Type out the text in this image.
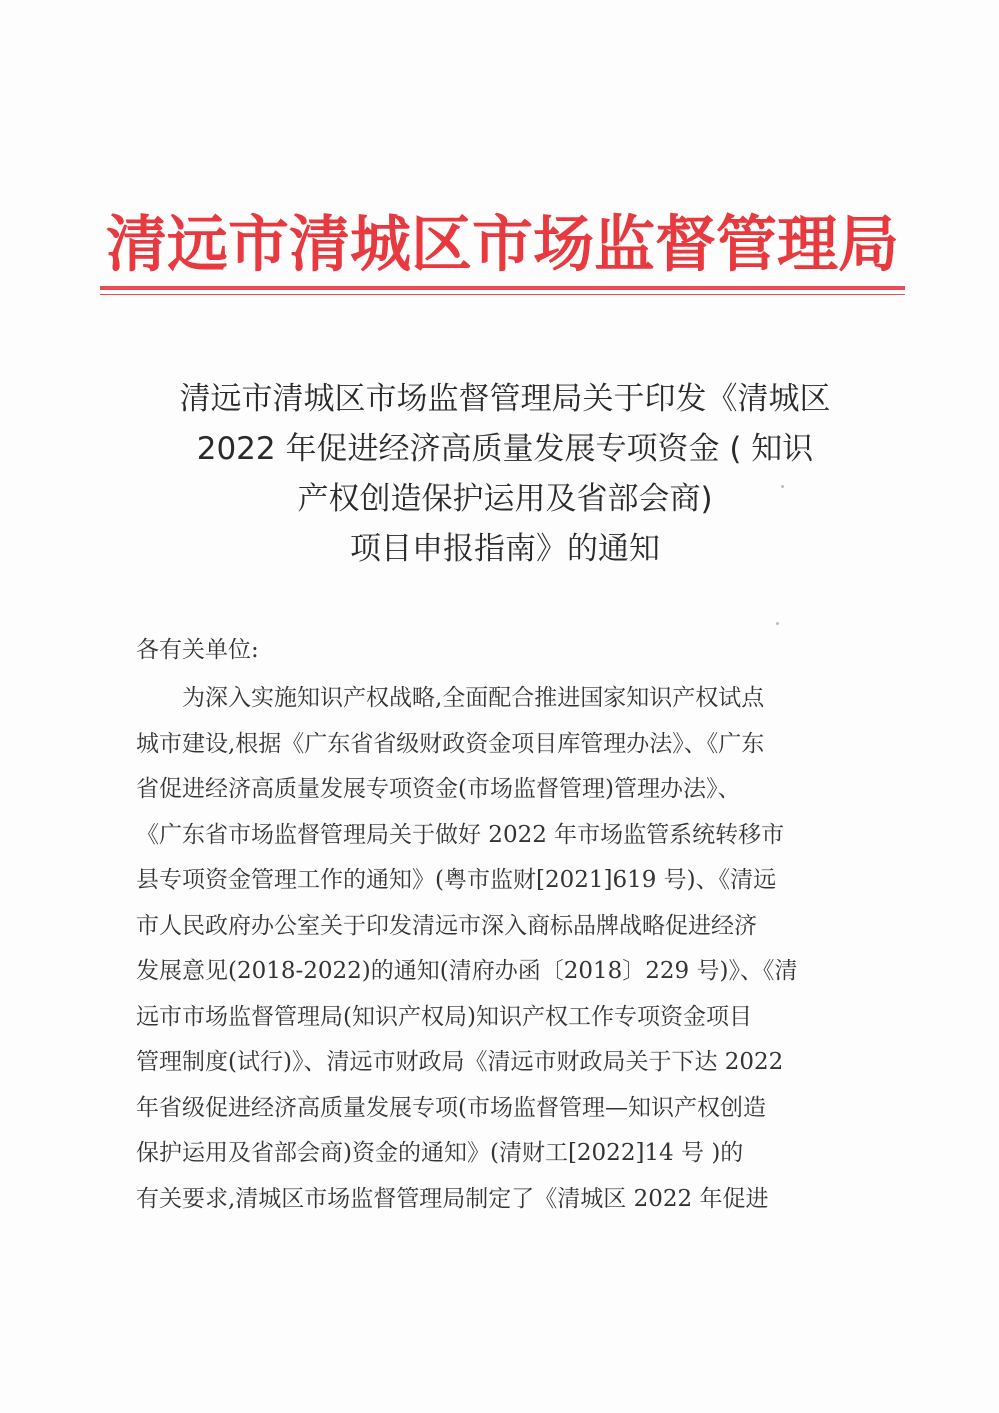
清远市清城区市场监督管理局
清远市清城区市场监督管理局关于印发《清城区
2022 年促进经济高质量发展专项资金 ( 知识
产权创造保护运用及省部会商)
项目申报指南》的通知
各有关单位:
为深入实施知识产权战略,全面配合推进国家知识产权试点
城市建设,根据《广东省省级财政资金项目库管理办法》、《广东
省促进经济高质量发展专项资金(市场监督管理)管理办法》、
《广东省市场监督管理局关于做好 2022 年市场监管系统转移市
县专项资金管理工作的通知》(粤市监财[2021]619 号)、《清远
市人民政府办公室关于印发清远市深入商标品牌战略促进经济
发展意见(2018-2022)的通知(清府办函〔2018〕229 号)》、《清
远市市场监督管理局(知识产权局)知识产权工作专项资金项目
管理制度(试行)》、清远市财政局《清远市财政局关于下达 2022
年省级促进经济高质量发展专项(市场监督管理—知识产权创造
保护运用及省部会商)资金的通知》(清财工[2022]14 号 )的
有关要求,清城区市场监督管理局制定了《清城区 2022 年促进
